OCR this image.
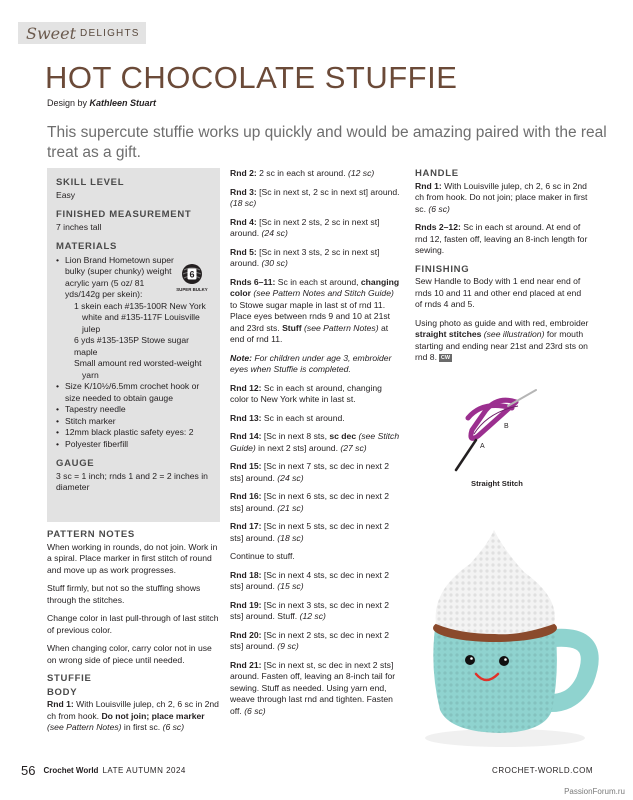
Sweet DELIGHTS
HOT CHOCOLATE STUFFIE
Design by Kathleen Stuart

This supercute stuffie works up quickly and would be amazing paired with the real treat as a gift.

SKILL LEVEL
Easy
FINISHED MEASUREMENT
7 inches tall
MATERIALS
• Lion Brand Hometown super bulky (super chunky) weight acrylic yarn (5 oz/ 81 yds/142g per skein):
1 skein each #135-100R New York white and #135-117F Louisville julep
6 yds #135-135P Stowe sugar maple
Small amount red worsted-weight yarn
• Size K/10½/6.5mm crochet hook or size needed to obtain gauge
• Tapestry needle
• Stitch marker
• 12mm black plastic safety eyes: 2
• Polyester fiberfill
GAUGE
3 sc = 1 inch; rnds 1 and 2 = 2 inches in diameter
6
SUPER BULKY
PATTERN NOTES

When working in rounds, do not join. Work in a spiral. Place marker in first stitch of round and move up as work progresses.

Stuff firmly, but not so the stuffing shows through the stitches.

Change color in last pull-through of last stitch of previous color.

When changing color, carry color not in use on wrong side of piece until needed.

STUFFIE
BODY

Rnd 1: With Louisville julep, ch 2, 6 sc in 2nd ch from hook. Do not join; place marker (see Pattern Notes) in first sc. (6 sc)

Rnd 2: 2 sc in each st around. (12 sc)

Rnd 3: [Sc in next st, 2 sc in next st] around. (18 sc)

Rnd 4: [Sc in next 2 sts, 2 sc in next st] around. (24 sc)

Rnd 5: [Sc in next 3 sts, 2 sc in next st] around. (30 sc)

Rnds 6–11: Sc in each st around, changing color (see Pattern Notes and Stitch Guide) to Stowe sugar maple in last st of rnd 11. Place eyes between rnds 9 and 10 at 21st and 23rd sts. Stuff (see Pattern Notes) at end of rnd 11.

Note: For children under age 3, embroider eyes when Stuffie is completed.

Rnd 12: Sc in each st around, changing color to New York white in last st.

Rnd 13: Sc in each st around.

Rnd 14: [Sc in next 8 sts, sc dec (see Stitch Guide) in next 2 sts] around. (27 sc)

Rnd 15: [Sc in next 7 sts, sc dec in next 2 sts] around. (24 sc)

Rnd 16: [Sc in next 6 sts, sc dec in next 2 sts] around. (21 sc)

Rnd 17: [Sc in next 5 sts, sc dec in next 2 sts] around. (18 sc)

Continue to stuff.

Rnd 18: [Sc in next 4 sts, sc dec in next 2 sts] around. (15 sc)

Rnd 19: [Sc in next 3 sts, sc dec in next 2 sts] around. Stuff. (12 sc)

Rnd 20: [Sc in next 2 sts, sc dec in next 2 sts] around. (9 sc)

Rnd 21: [Sc in next st, sc dec in next 2 sts] around. Fasten off, leaving an 8-inch tail for sewing. Stuff as needed. Using yarn end, weave through last rnd and tighten. Fasten off. (6 sc)

HANDLE

Rnd 1: With Louisville julep, ch 2, 6 sc in 2nd ch from hook. Do not join; place maker in first sc. (6 sc)

Rnds 2–12: Sc in each st around. At end of rnd 12, fasten off, leaving an 8-inch length for sewing.

FINISHING

Sew Handle to Body with 1 end near end of rnds 10 and 11 and other end placed at end of rnds 4 and 5.

Using photo as guide and with red, embroider straight stitches (see illustration) for mouth starting and ending near 21st and 23rd sts on rnd 8. CW

A
B
Straight Stitch
56 Crochet World LATE AUTUMN 2024	CROCHET-WORLD.COM
PassionForum.ru
